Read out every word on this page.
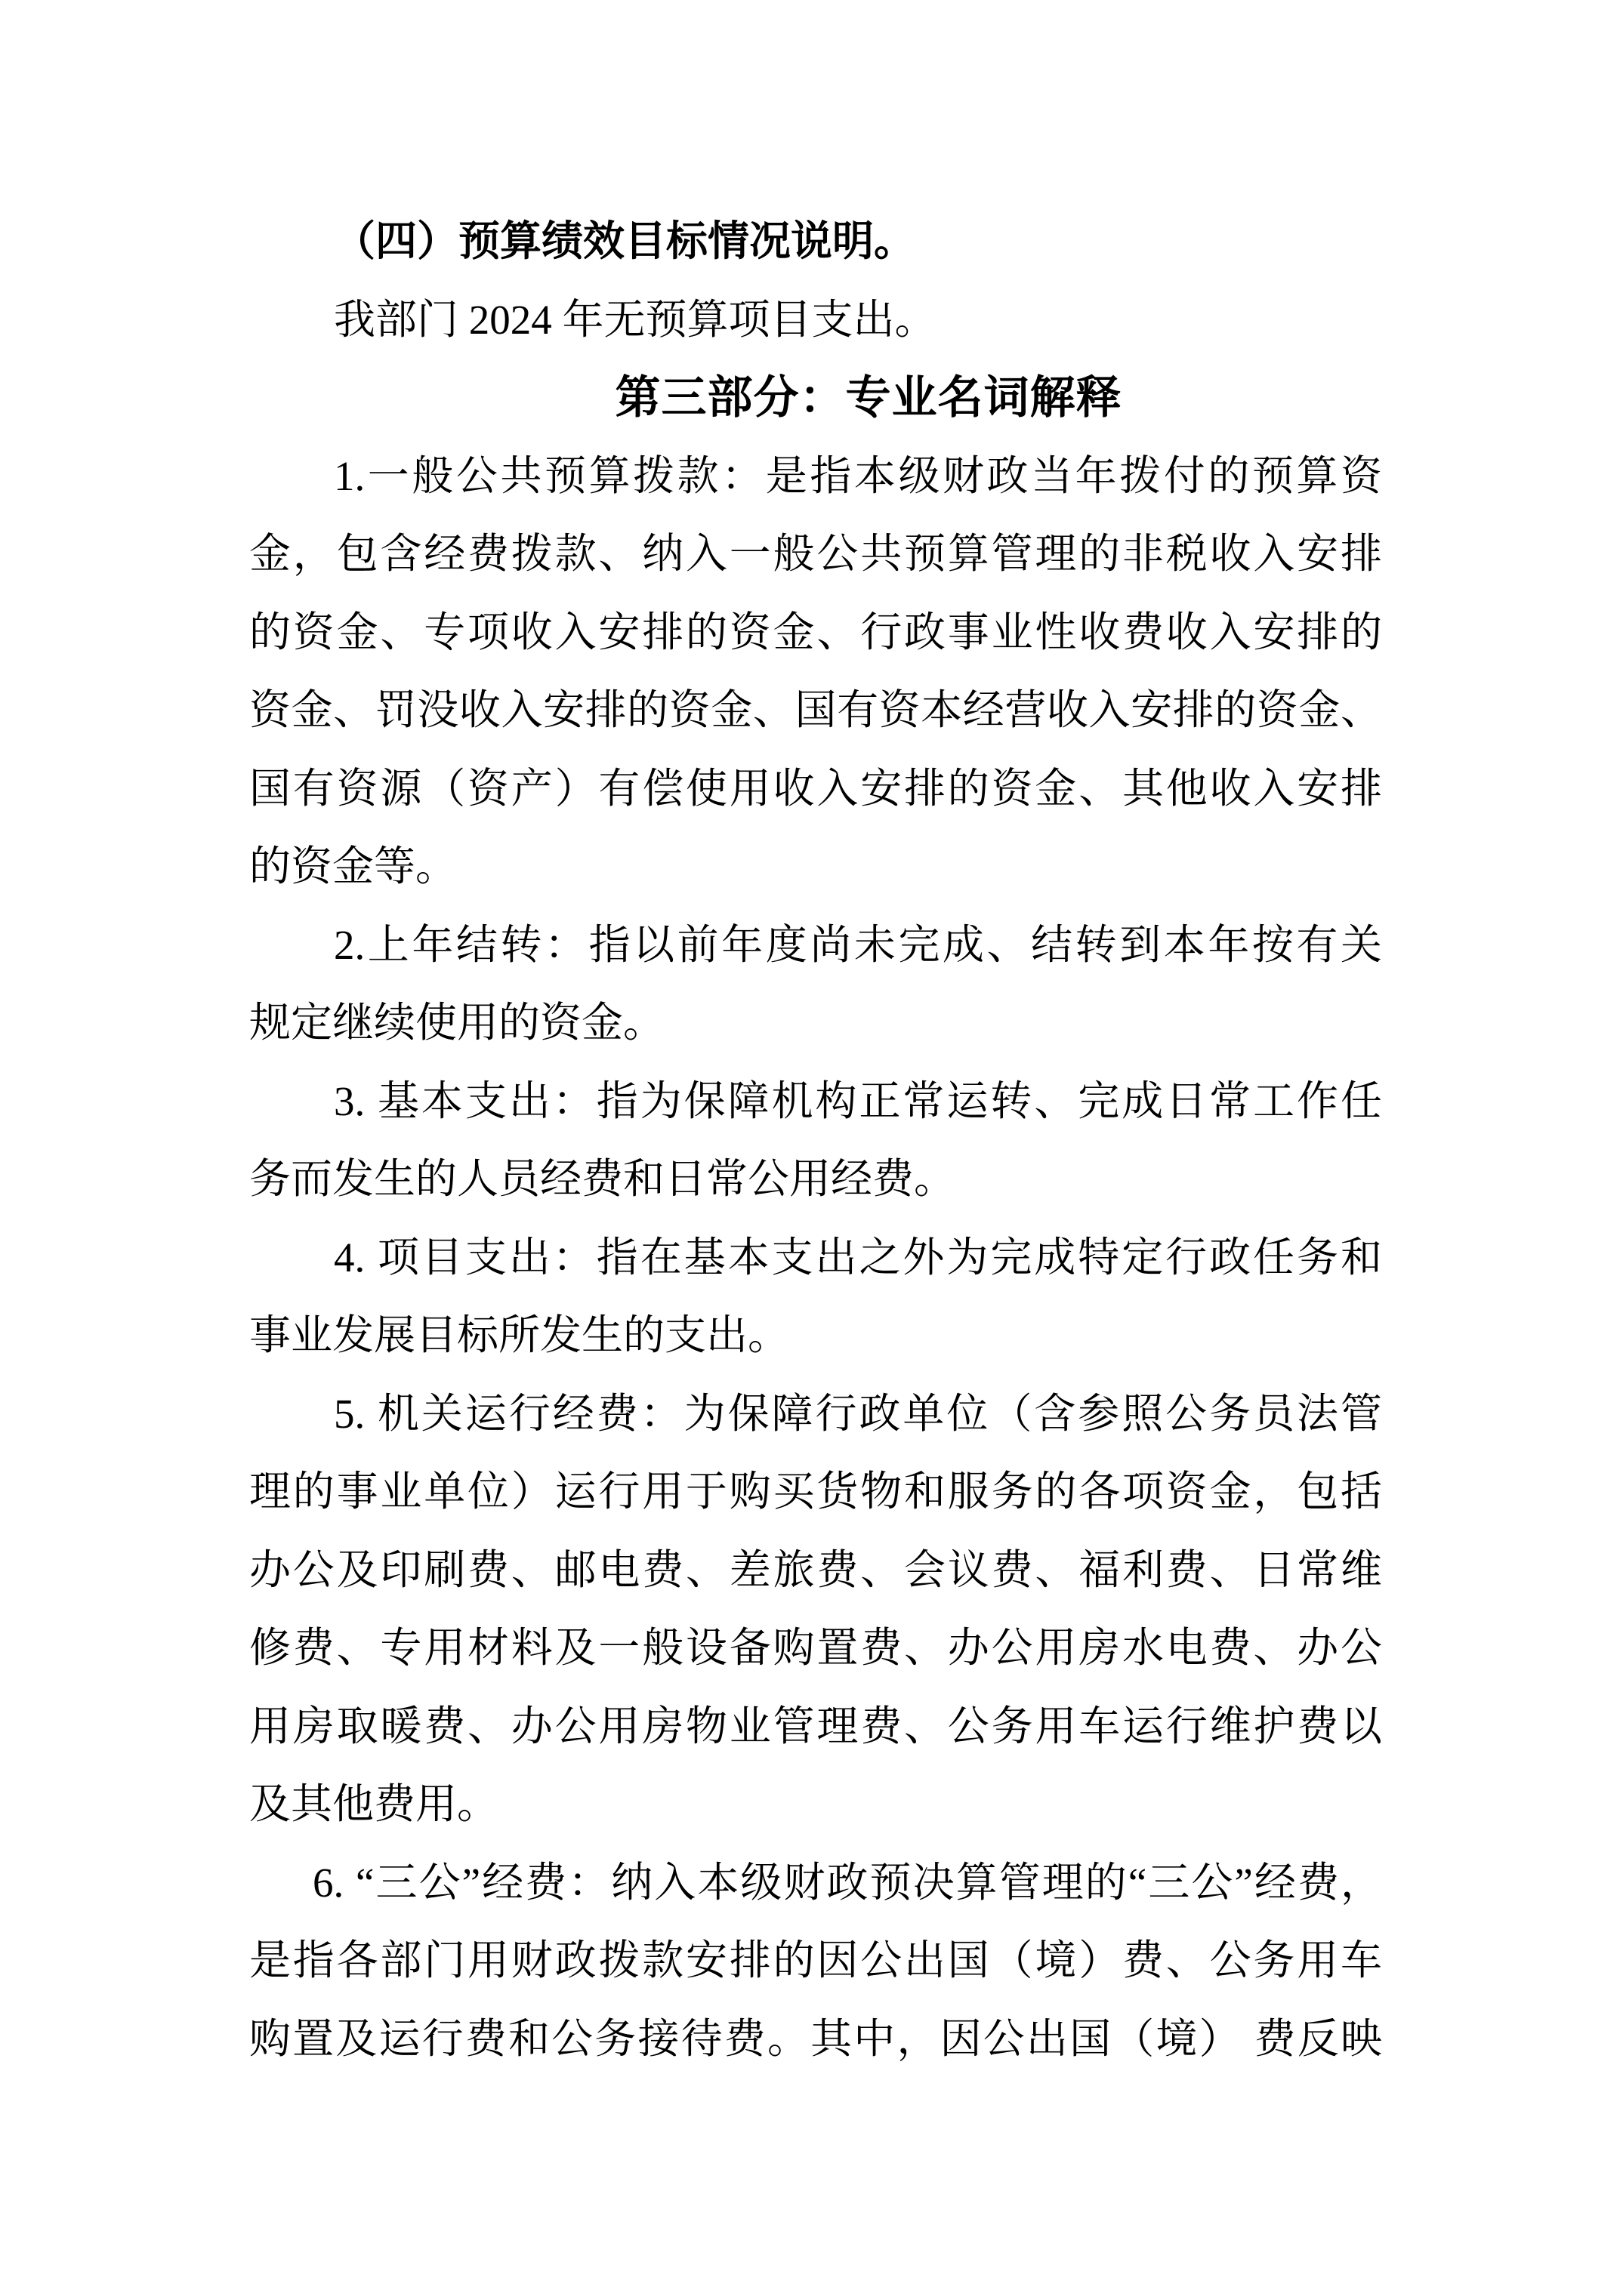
（四）预算绩效目标情况说明。
我部门 2024 年无预算项目支出。
第三部分：专业名词解释
1.一般公共预算拨款：是指本级财政当年拨付的预算资
金，包含经费拨款、纳入一般公共预算管理的非税收入安排
的资金、专项收入安排的资金、行政事业性收费收入安排的
资金、罚没收入安排的资金、国有资本经营收入安排的资金、
国有资源（资产）有偿使用收入安排的资金、其他收入安排
的资金等。
2.上年结转：指以前年度尚未完成、结转到本年按有关
规定继续使用的资金。
3. 基本支出：指为保障机构正常运转、完成日常工作任
务而发生的人员经费和日常公用经费。
4. 项目支出：指在基本支出之外为完成特定行政任务和
事业发展目标所发生的支出。
5. 机关运行经费：为保障行政单位（含参照公务员法管
理的事业单位）运行用于购买货物和服务的各项资金，包括
办公及印刷费、邮电费、差旅费、会议费、福利费、日常维
修费、专用材料及一般设备购置费、办公用房水电费、办公
用房取暖费、办公用房物业管理费、公务用车运行维护费以
及其他费用。
6. “三公”经费：纳入本级财政预决算管理的“三公”经费，
是指各部门用财政拨款安排的因公出国（境）费、公务用车
购置及运行费和公务接待费。其中，因公出国（境） 费反映
